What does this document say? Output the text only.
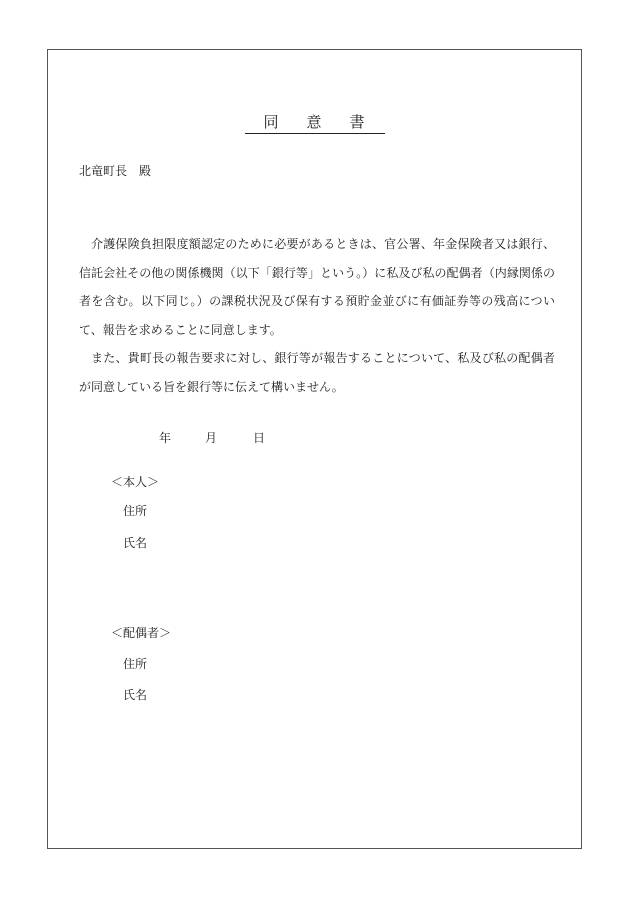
同 意 書
北竜町長　殿

介護保険負担限度額認定のために必要があるときは、官公署、年金保険者又は銀行、信託会社その他の関係機関（以下「銀行等」という。）に私及び私の配偶者（内縁関係の者を含む。以下同じ。）の課税状況及び保有する預貯金並びに有価証券等の残高について、報告を求めることに同意します。

また、貴町長の報告要求に対し、銀行等が報告することについて、私及び私の配偶者が同意している旨を銀行等に伝えて構いません。

年	月	日
＜本人＞
住所
氏名
＜配偶者＞
住所
氏名
